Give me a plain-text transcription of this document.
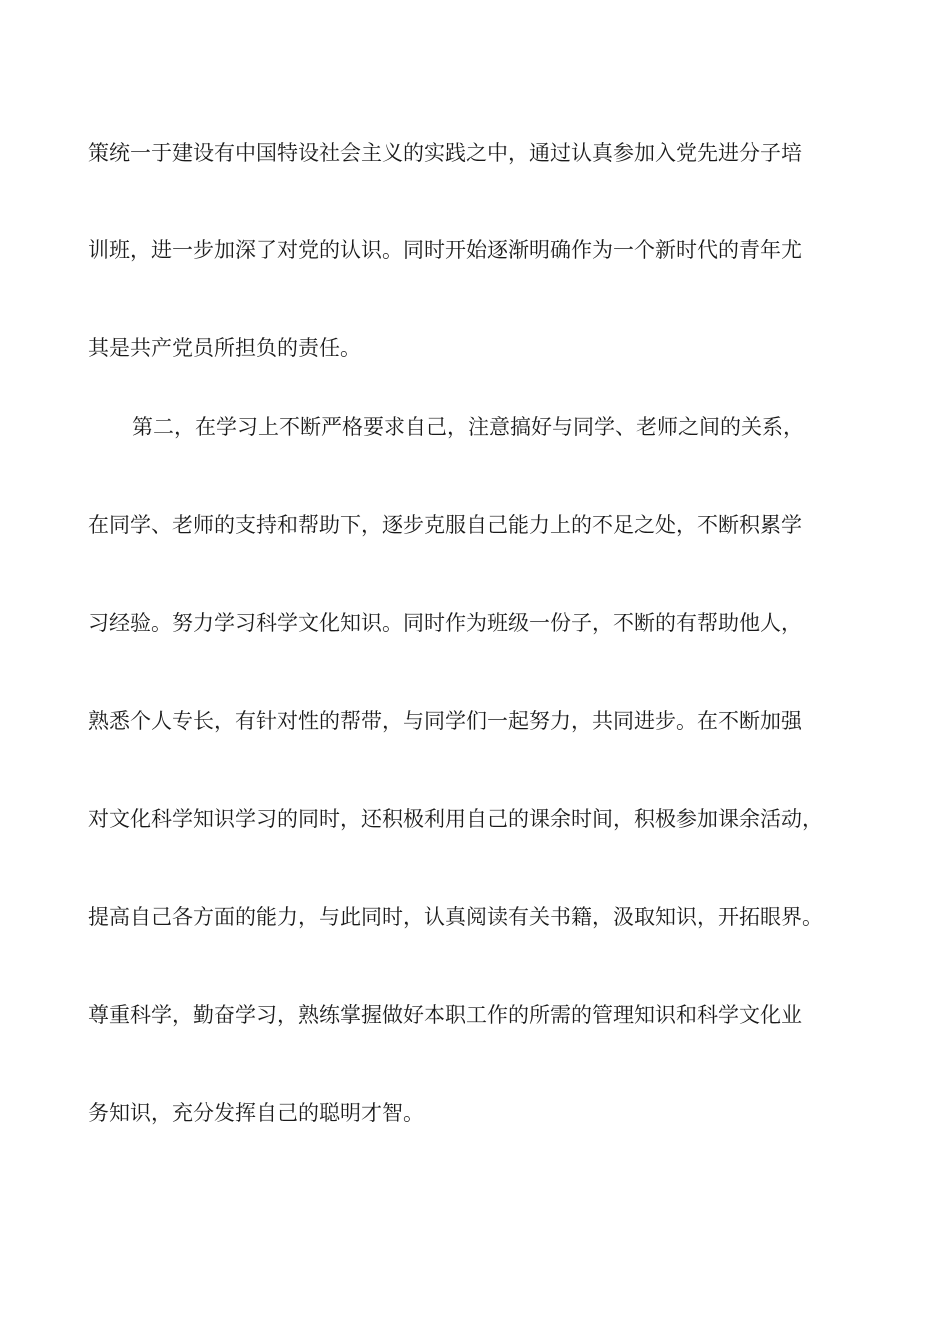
策统一于建设有中国特设社会主义的实践之中，通过认真参加入党先进分子培
训班，进一步加深了对党的认识。同时开始逐渐明确作为一个新时代的青年尤
其是共产党员所担负的责任。
第二，在学习上不断严格要求自己，注意搞好与同学、老师之间的关系，
在同学、老师的支持和帮助下，逐步克服自己能力上的不足之处，不断积累学
习经验。努力学习科学文化知识。同时作为班级一份子，不断的有帮助他人，
熟悉个人专长，有针对性的帮带，与同学们一起努力，共同进步。在不断加强
对文化科学知识学习的同时，还积极利用自己的课余时间，积极参加课余活动，
提高自己各方面的能力，与此同时，认真阅读有关书籍，汲取知识，开拓眼界。
尊重科学，勤奋学习，熟练掌握做好本职工作的所需的管理知识和科学文化业
务知识，充分发挥自己的聪明才智。
